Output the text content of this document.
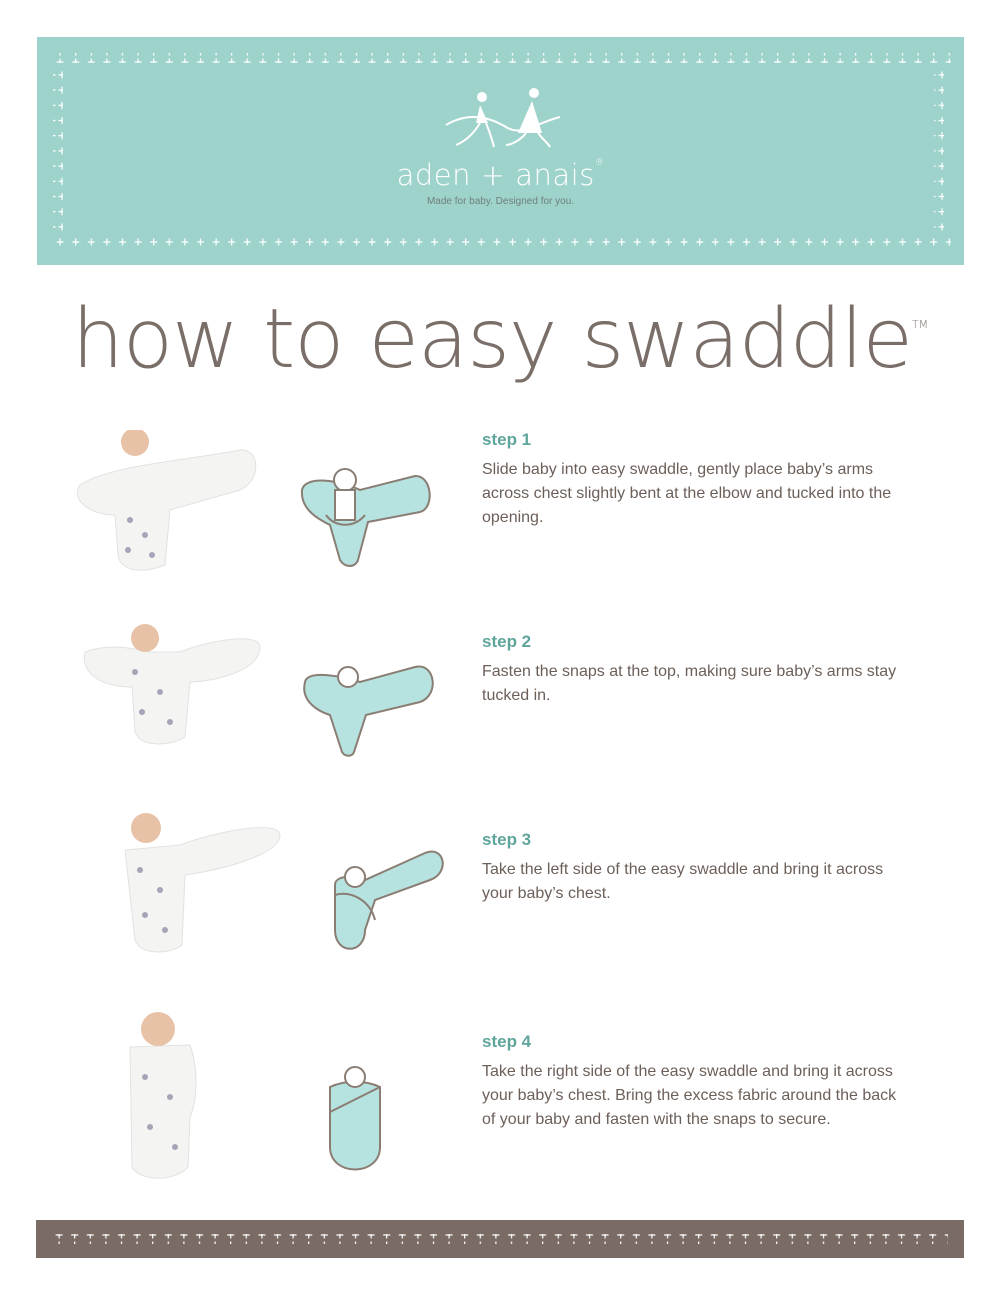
aden + anais®
Made for baby. Designed for you.
how to easy swaddle™
step 1
Slide baby into easy swaddle, gently place baby’s arms across chest slightly bent at the elbow and tucked into the opening.
step 2
Fasten the snaps at the top, making sure baby’s arms stay tucked in.
step 3
Take the left side of the easy swaddle and bring it across your baby’s chest.
step 4
Take the right side of the easy swaddle and bring it across your baby’s chest. Bring the excess fabric around the back of your baby and fasten with the snaps to secure.
